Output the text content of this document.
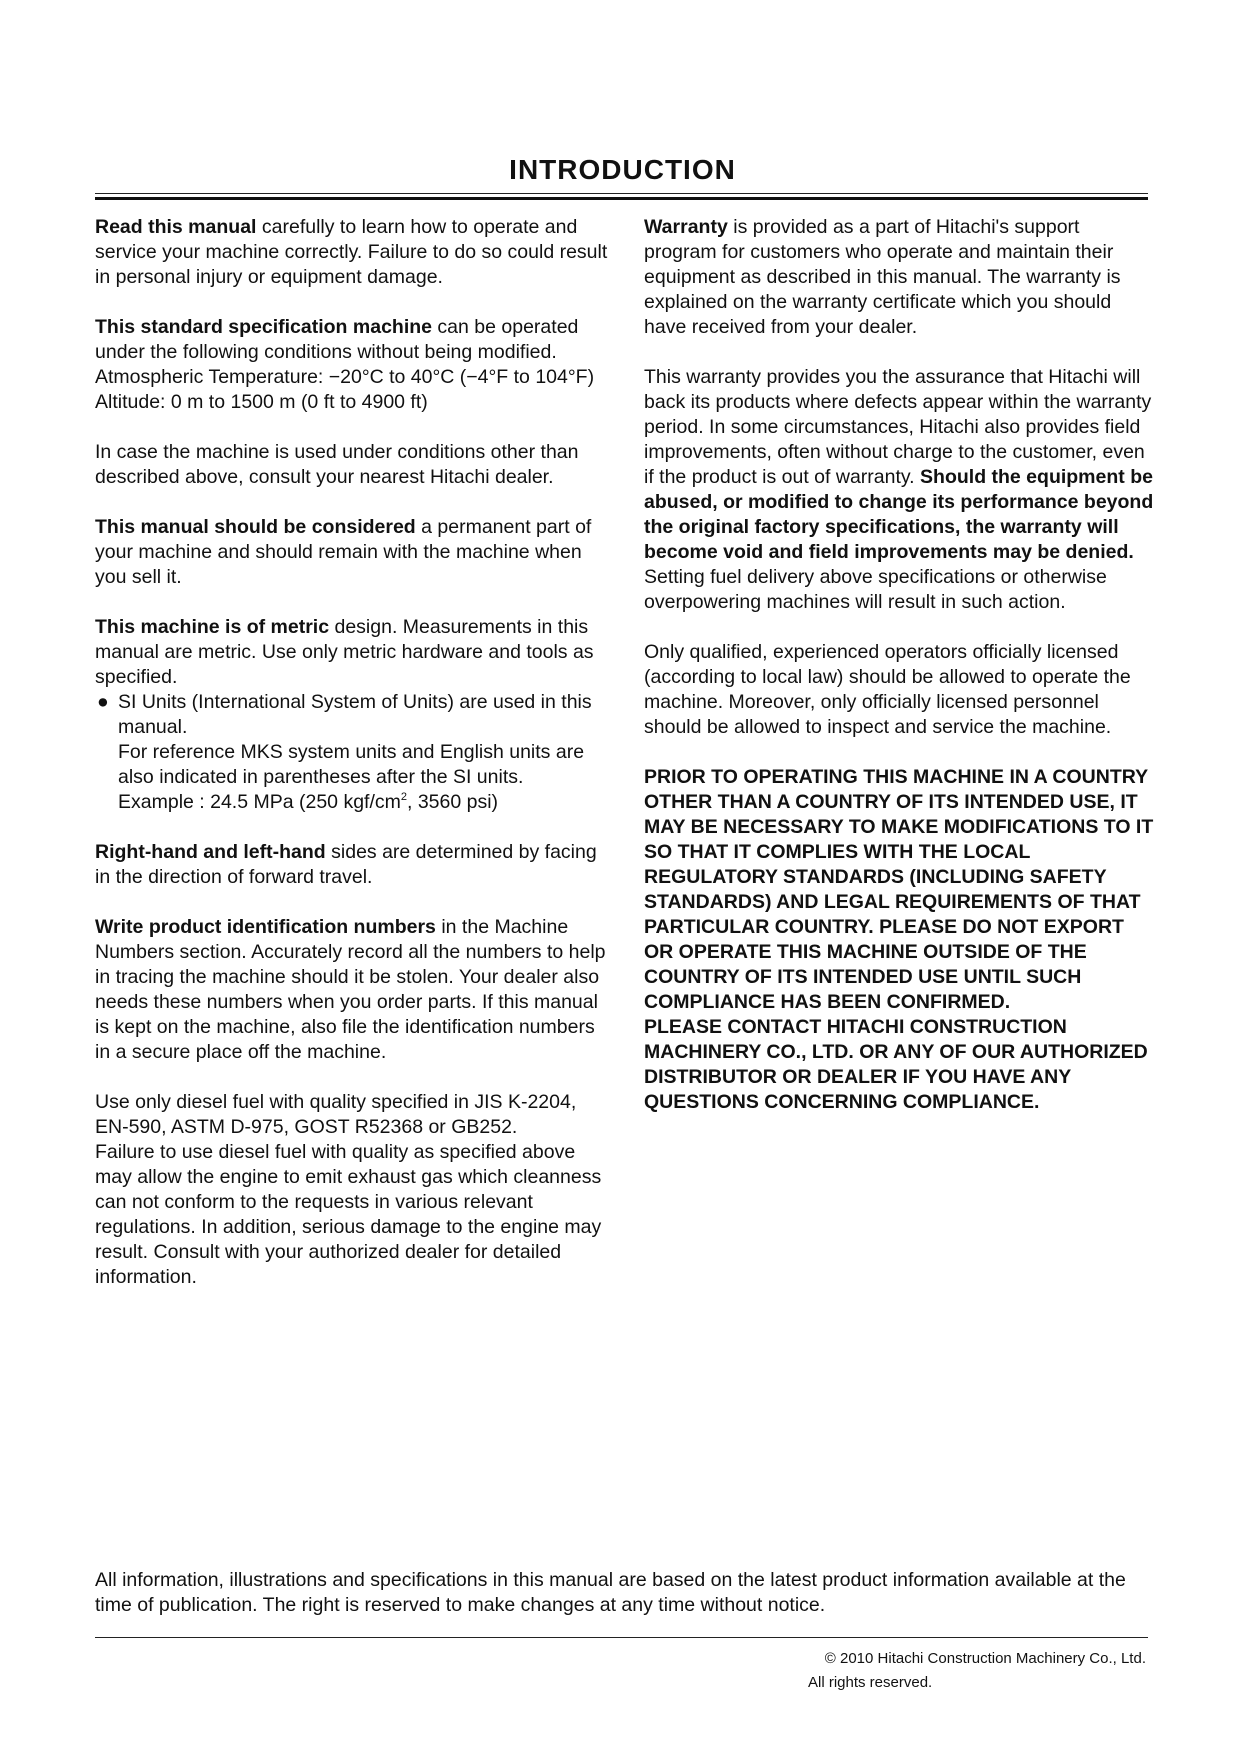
INTRODUCTION

Read this manual carefully to learn how to operate and service your machine correctly. Failure to do so could result in personal injury or equipment damage.

This standard specification machine can be operated under the following conditions without being modified.
Atmospheric Temperature: −20°C to 40°C (−4°F to 104°F)
Altitude: 0 m to 1500 m (0 ft to 4900 ft)

In case the machine is used under conditions other than described above, consult your nearest Hitachi dealer.

This manual should be considered a permanent part of your machine and should remain with the machine when you sell it.

This machine is of metric design. Measurements in this manual are metric. Use only metric hardware and tools as specified.

● SI Units (International System of Units) are used in this manual.
For reference MKS system units and English units are also indicated in parentheses after the SI units.
Example : 24.5 MPa (250 kgf/$cm^2$, 3560 psi)

Right-hand and left-hand sides are determined by facing in the direction of forward travel.

Write product identification numbers in the Machine Numbers section. Accurately record all the numbers to help in tracing the machine should it be stolen. Your dealer also needs these numbers when you order parts. If this manual is kept on the machine, also file the identification numbers in a secure place off the machine.

Use only diesel fuel with quality specified in JIS K-2204, EN-590, ASTM D-975, GOST R52368 or GB252.

Failure to use diesel fuel with quality as specified above may allow the engine to emit exhaust gas which cleanness can not conform to the requests in various relevant regulations. In addition, serious damage to the engine may result. Consult with your authorized dealer for detailed information.

Warranty is provided as a part of Hitachi's support program for customers who operate and maintain their equipment as described in this manual. The warranty is explained on the warranty certificate which you should have received from your dealer.

This warranty provides you the assurance that Hitachi will back its products where defects appear within the warranty period. In some circumstances, Hitachi also provides field improvements, often without charge to the customer, even if the product is out of warranty. Should the equipment be abused, or modified to change its performance beyond the original factory specifications, the warranty will become void and field improvements may be denied. Setting fuel delivery above specifications or otherwise overpowering machines will result in such action.

Only qualified, experienced operators officially licensed (according to local law) should be allowed to operate the machine. Moreover, only officially licensed personnel should be allowed to inspect and service the machine.

PRIOR TO OPERATING THIS MACHINE IN A COUNTRY OTHER THAN A COUNTRY OF ITS INTENDED USE, IT MAY BE NECESSARY TO MAKE MODIFICATIONS TO IT SO THAT IT COMPLIES WITH THE LOCAL REGULATORY STANDARDS (INCLUDING SAFETY STANDARDS) AND LEGAL REQUIREMENTS OF THAT PARTICULAR COUNTRY. PLEASE DO NOT EXPORT OR OPERATE THIS MACHINE OUTSIDE OF THE COUNTRY OF ITS INTENDED USE UNTIL SUCH COMPLIANCE HAS BEEN CONFIRMED.

PLEASE CONTACT HITACHI CONSTRUCTION MACHINERY CO., LTD. OR ANY OF OUR AUTHORIZED DISTRIBUTOR OR DEALER IF YOU HAVE ANY QUESTIONS CONCERNING COMPLIANCE.

All information, illustrations and specifications in this manual are based on the latest product information available at the time of publication. The right is reserved to make changes at any time without notice.
© 2010 Hitachi Construction Machinery Co., Ltd.
All rights reserved.
